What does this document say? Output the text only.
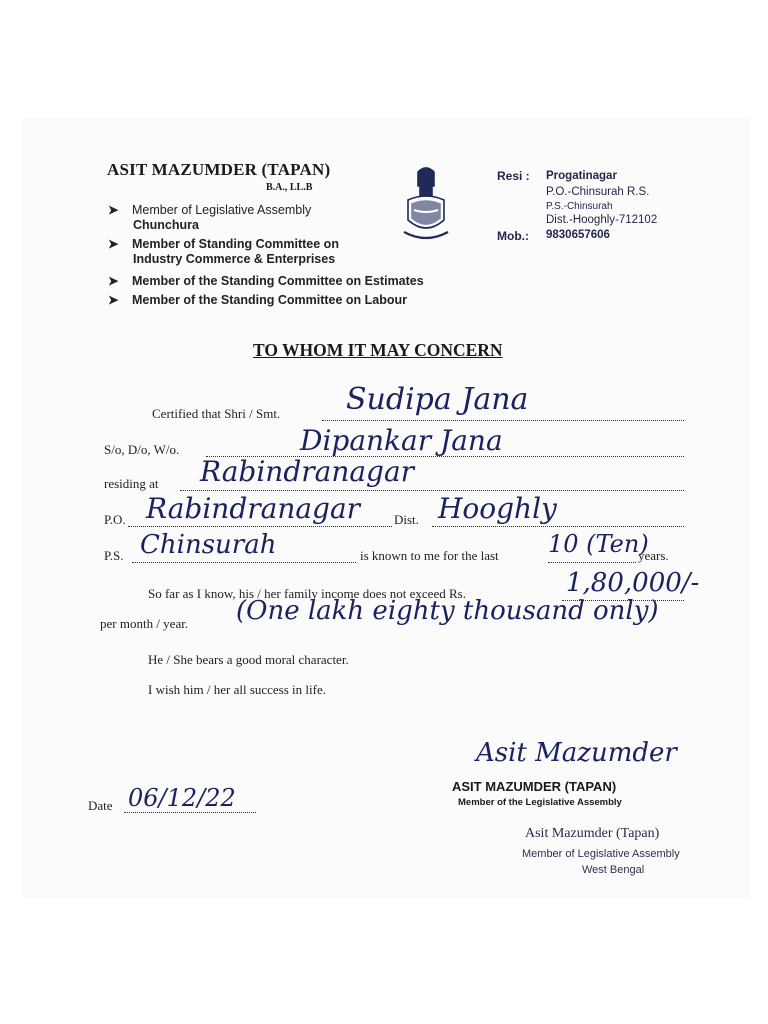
ASIT MAZUMDER (TAPAN)
B.A., LL.B
➤ Member of Legislative Assembly
Chunchura
➤ Member of Standing Committee on
Industry Commerce & Enterprises
➤ Member of the Standing Committee on Estimates
➤ Member of the Standing Committee on Labour
Resi : Progatinagar
P.O.-Chinsurah R.S.
P.S.-Chinsurah
Dist.-Hooghly-712102
Mob.: 9830657606
TO WHOM IT MAY CONCERN
Certified that Shri / Smt. Sudipa Jana
S/o, D/o, W/o.	Dipankar Jana
residing at Rabindranagar
P.O. Rabindranagar	Dist. Hooghly
P.S. Chinsurah	is known to me for the last 10 (Ten)
years.
So far as I know, his / her family income does not exceed Rs.	1,80,000/-
per month / year. (One lakh eighty thousand only)
He / She bears a good moral character.
I wish him / her all success in life.
Date 06/12/22
Asit Mazumder
ASIT MAZUMDER (TAPAN)
Member of the Legislative Assembly
Asit Mazumder (Tapan)
Member of Legislative Assembly
West Bengal
